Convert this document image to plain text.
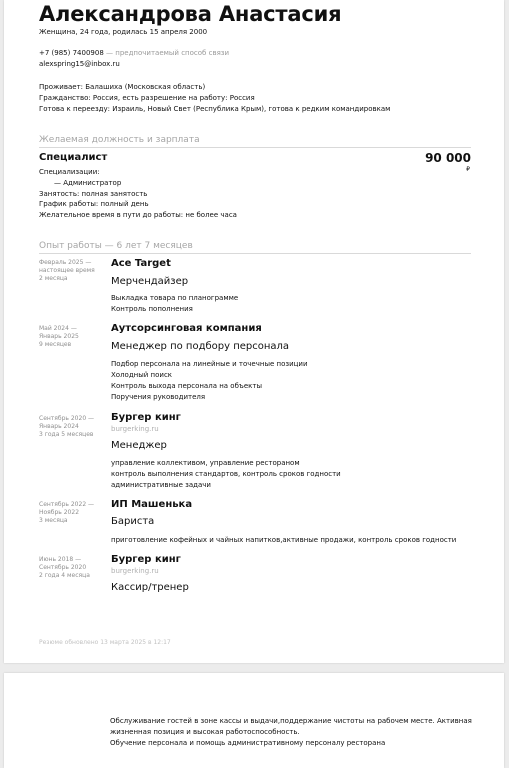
Александрова Анастасия
Женщина, 24 года, родилась 15 апреля 2000
+7 (985) 7400908 — предпочитаемый способ связи
alexspring15@inbox.ru
Проживает: Балашиха (Московская область)
Гражданство: Россия, есть разрешение на работу: Россия
Готова к переезду: Израиль, Новый Свет (Республика Крым), готова к редким командировкам
Желаемая должность и зарплата
Специалист	90 000
₽
Специализации:
— Администратор
Занятость: полная занятость
График работы: полный день
Желательное время в пути до работы: не более часа
Опыт работы — 6 лет 7 месяцев
Февраль 2025 —
настоящее время
2 месяца
Ace Target
Мерчендайзер
Выкладка товара по планограмме
Контроль пополнения
Май 2024 —
Январь 2025
9 месяцев
Аутсорсинговая компания
Менеджер по подбору персонала
Подбор персонала на линейные и точечные позиции
Холодный поиск
Контроль выхода персонала на объекты
Поручения руководителя
Сентябрь 2020 —
Январь 2024
3 года 5 месяцев
Бургер кинг
burgerking.ru
Менеджер
управление коллективом, управление рестораном
контроль выполнения стандартов, контроль сроков годности
административные задачи
Сентябрь 2022 —
Ноябрь 2022
3 месяца
ИП Машенька
Бариста
приготовление кофейных и чайных напитков,активные продажи, контроль сроков годности
Июнь 2018 —
Сентябрь 2020
2 года 4 месяца
Бургер кинг
burgerking.ru
Кассир/тренер
Резюме обновлено 13 марта 2025 в 12:17
Обслуживание гостей в зоне кассы и выдачи,поддержание чистоты на рабочем месте. Активная
жизненная позиция и высокая работоспособность.
Обучение персонала и помощь административному персоналу ресторана
